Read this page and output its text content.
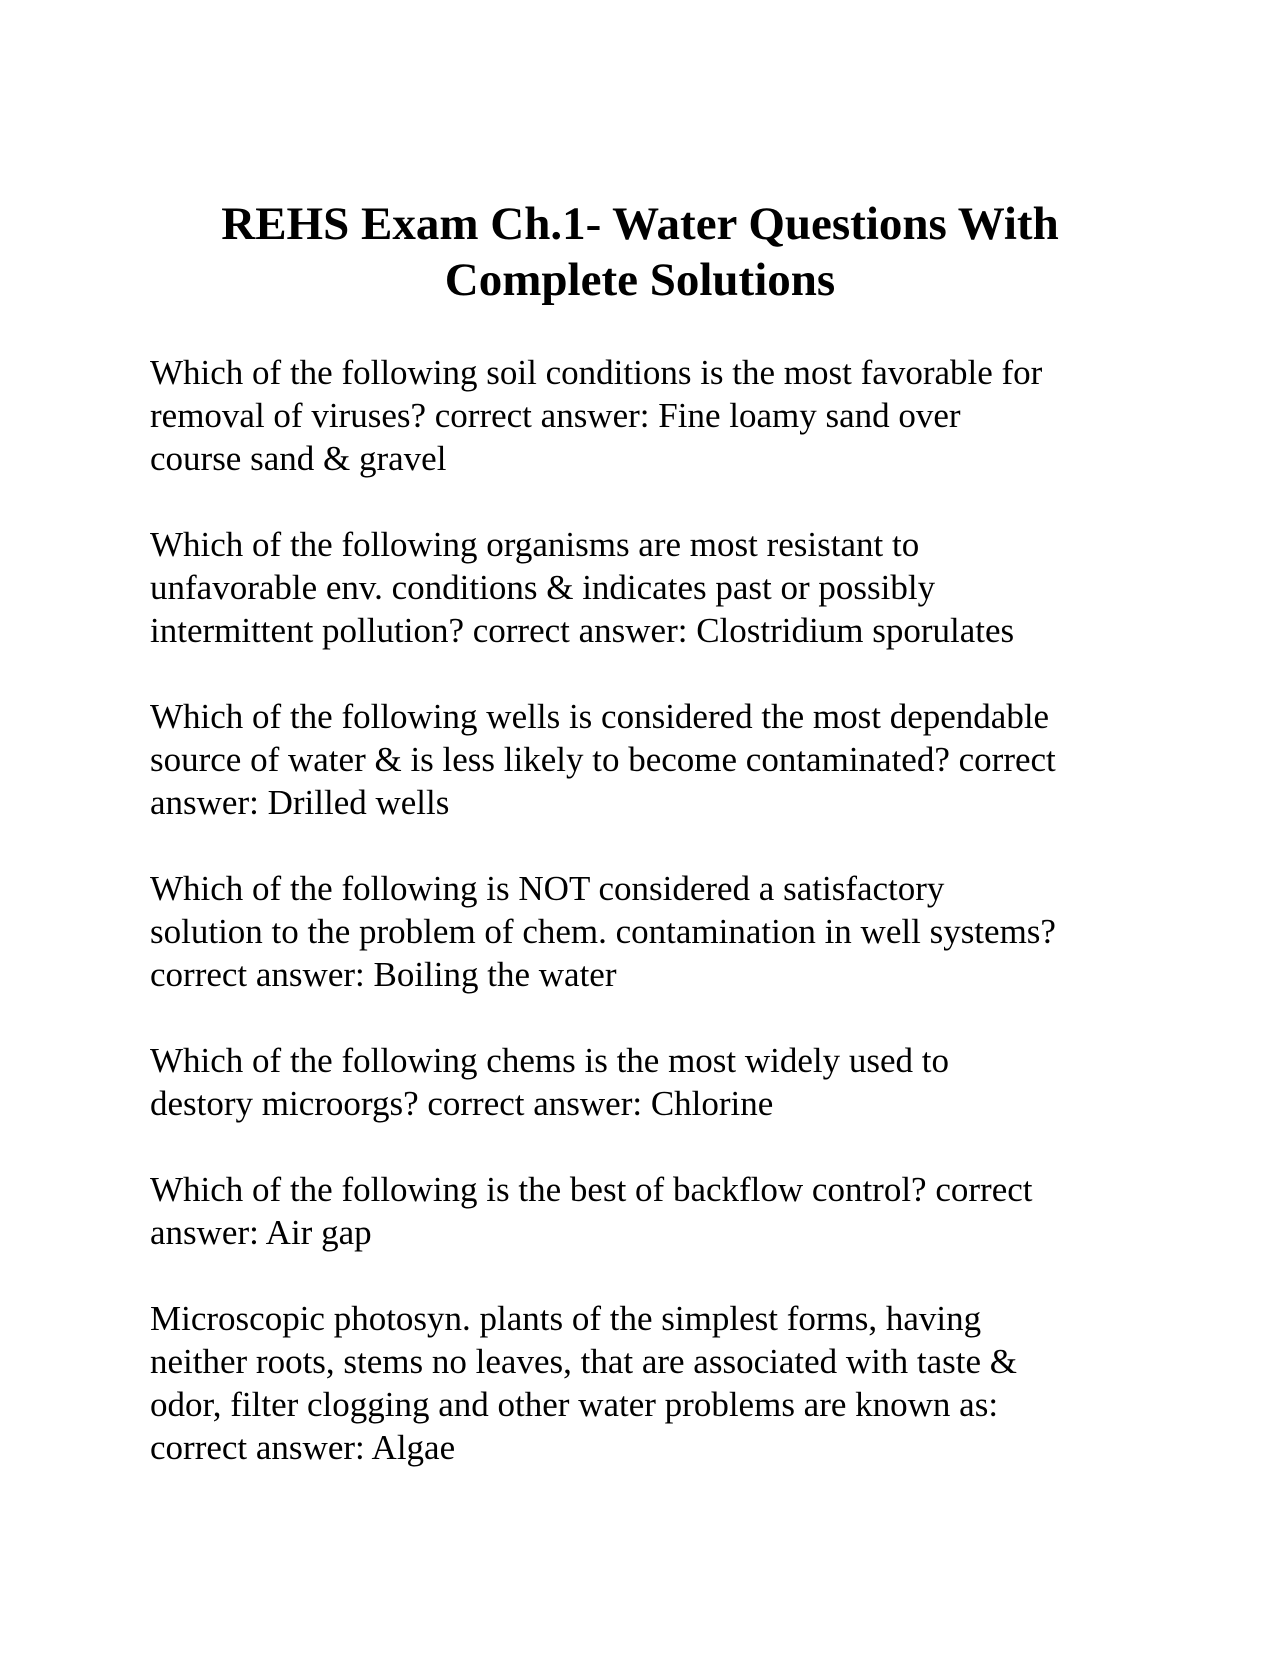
REHS Exam Ch.1- Water Questions With
Complete Solutions

Which of the following soil conditions is the most favorable for
removal of viruses? correct answer: Fine loamy sand over
course sand & gravel

Which of the following organisms are most resistant to
unfavorable env. conditions & indicates past or possibly
intermittent pollution? correct answer: Clostridium sporulates

Which of the following wells is considered the most dependable
source of water & is less likely to become contaminated? correct
answer: Drilled wells

Which of the following is NOT considered a satisfactory
solution to the problem of chem. contamination in well systems?
correct answer: Boiling the water

Which of the following chems is the most widely used to
destory microorgs? correct answer: Chlorine

Which of the following is the best of backflow control? correct
answer: Air gap

Microscopic photosyn. plants of the simplest forms, having
neither roots, stems no leaves, that are associated with taste &
odor, filter clogging and other water problems are known as:
correct answer: Algae
